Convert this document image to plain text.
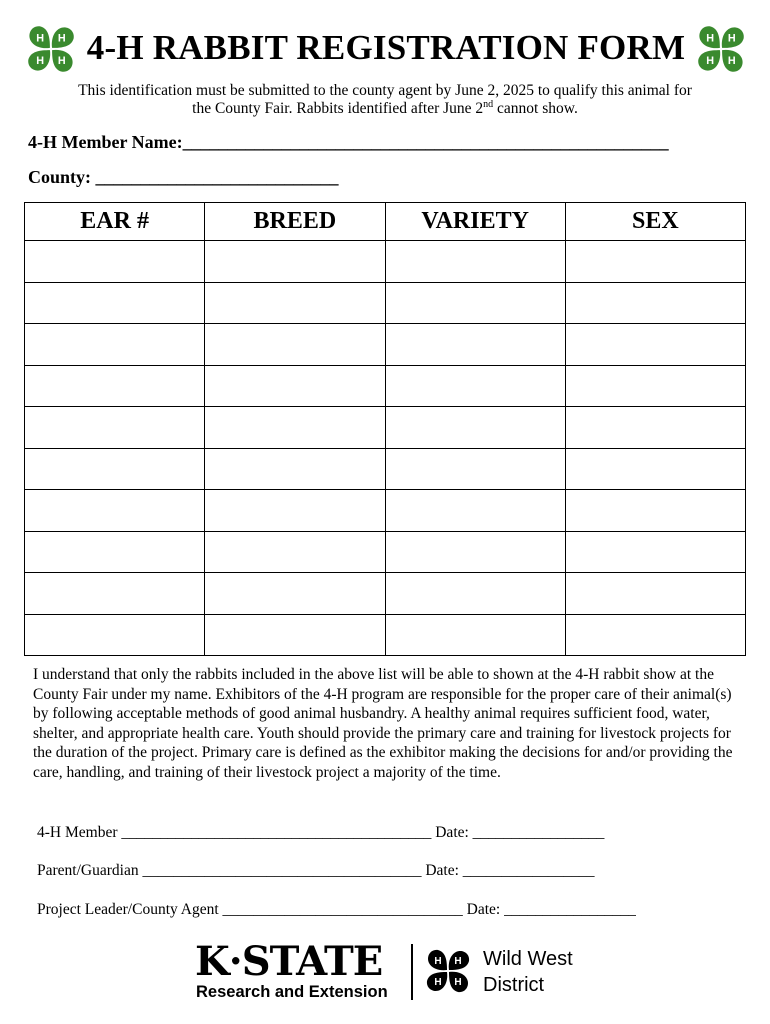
H H
H H 4-H RABBIT REGISTRATION FORM	H H
H H
This identification must be submitted to the county agent by June 2, 2025 to qualify this animal for
the County Fair. Rabbits identified after June 2nd cannot show.
4-H Member Name:______________________________________________________
County: ___________________________
EAR #	BREED	VARIETY	SEX

I understand that only the rabbits included in the above list will be able to shown at the 4-H rabbit show at the County Fair under my name. Exhibitors of the 4-H program are responsible for the proper care of their animal(s) by following acceptable methods of good animal husbandry. A healthy animal requires sufficient food, water, shelter, and appropriate health care. Youth should provide the primary care and training for livestock projects for the duration of the project. Primary care is defined as the exhibitor making the decisions for and/or providing the care, handling, and training of their livestock project a majority of the time.
4-H Member ________________________________________ Date: _________________
Parent/Guardian ____________________________________ Date: _________________
Project Leader/County Agent _______________________________ Date: _________________
K·STATE
Research and Extension
H H
H H
Wild West
District
